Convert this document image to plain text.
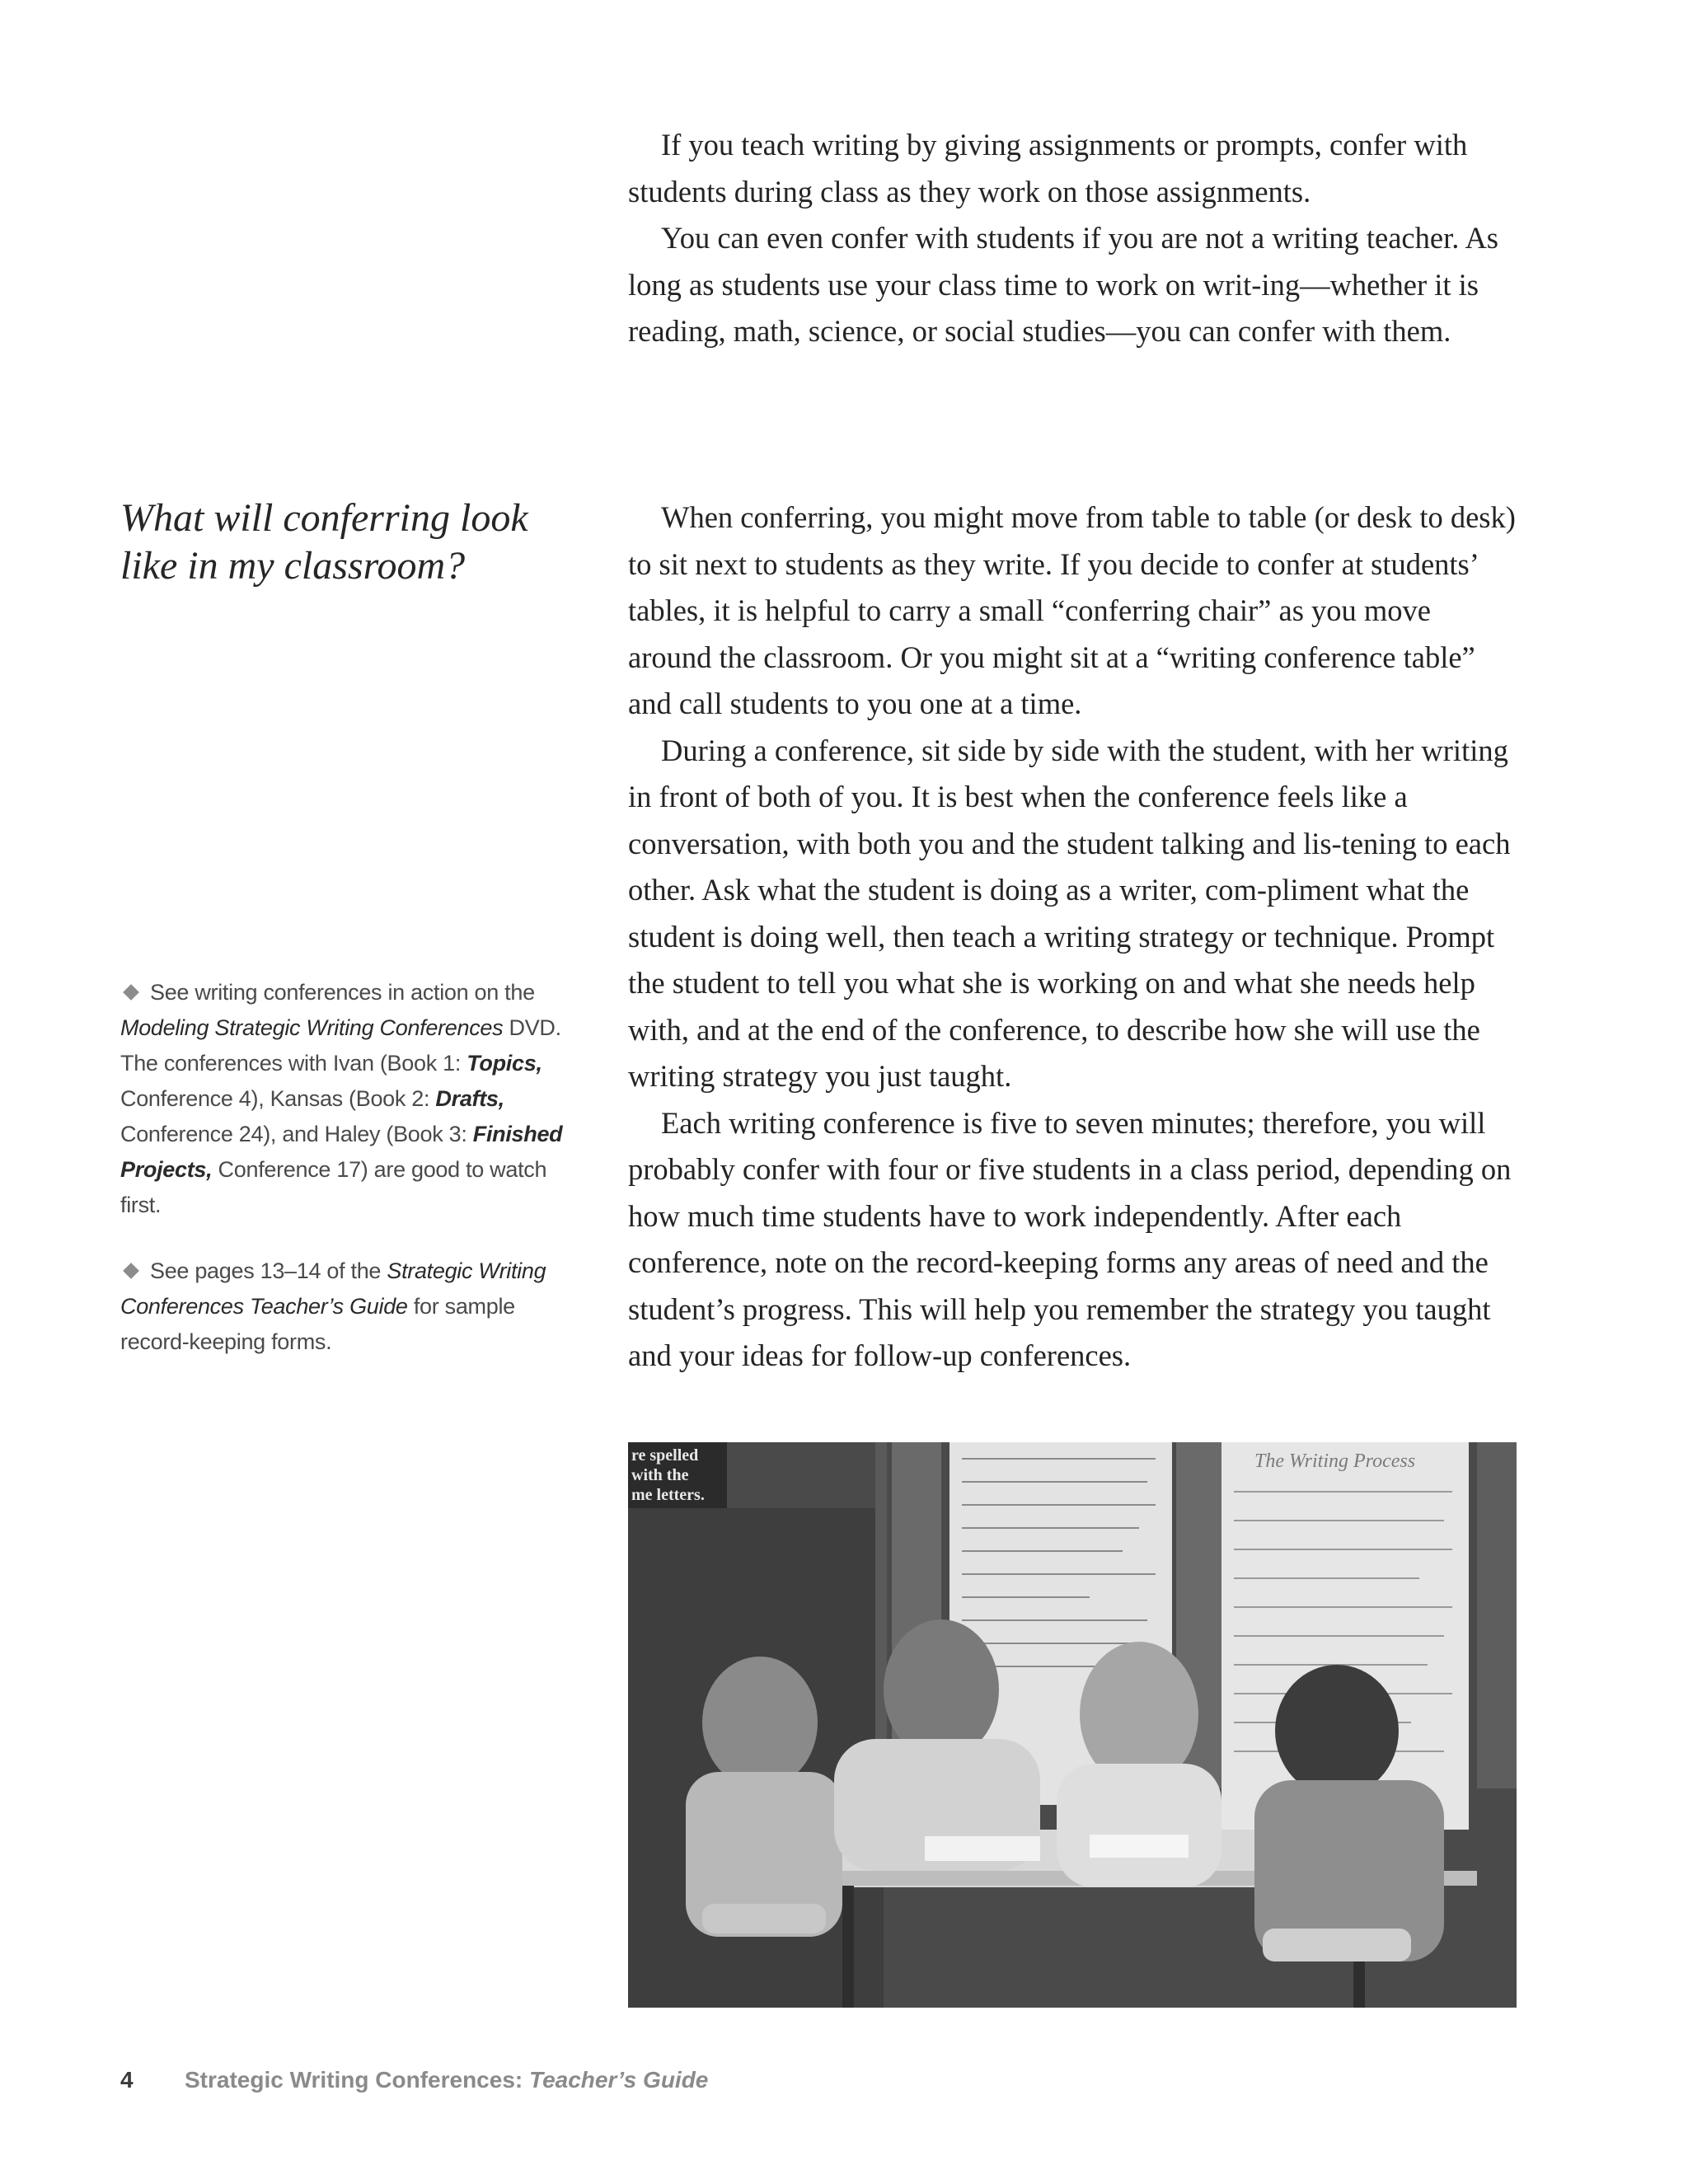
If you teach writing by giving assignments or prompts, confer with students during class as they work on those assignments.

You can even confer with students if you are not a writing teacher. As long as students use your class time to work on writ-ing—whether it is reading, math, science, or social studies—you can confer with them.

What will conferring look like in my classroom?

When conferring, you might move from table to table (or desk to desk) to sit next to students as they write. If you decide to confer at students’ tables, it is helpful to carry a small “conferring chair” as you move around the classroom. Or you might sit at a “writing conference table” and call students to you one at a time.

During a conference, sit side by side with the student, with her writing in front of both of you. It is best when the conference feels like a conversation, with both you and the student talking and lis-tening to each other. Ask what the student is doing as a writer, com-pliment what the student is doing well, then teach a writing strategy or technique. Prompt the student to tell you what she is working on and what she needs help with, and at the end of the conference, to describe how she will use the writing strategy you just taught.

Each writing conference is five to seven minutes; therefore, you will probably confer with four or five students in a class period, depending on how much time students have to work independently. After each conference, note on the record-keeping forms any areas of need and the student’s progress. This will help you remember the strategy you taught and your ideas for follow-up conferences.

See writing conferences in action on the Modeling Strategic Writing Conferences DVD. The conferences with Ivan (Book 1: Topics, Conference 4), Kansas (Book 2: Drafts, Conference 24), and Haley (Book 3: Finished Projects, Conference 17) are good to watch first.

See pages 13–14 of the Strategic Writing Conferences Teacher’s Guide for sample record-keeping forms.

re spelled
with the
me letters.
The Writing Process
4 Strategic Writing Conferences: Teacher’s Guide
